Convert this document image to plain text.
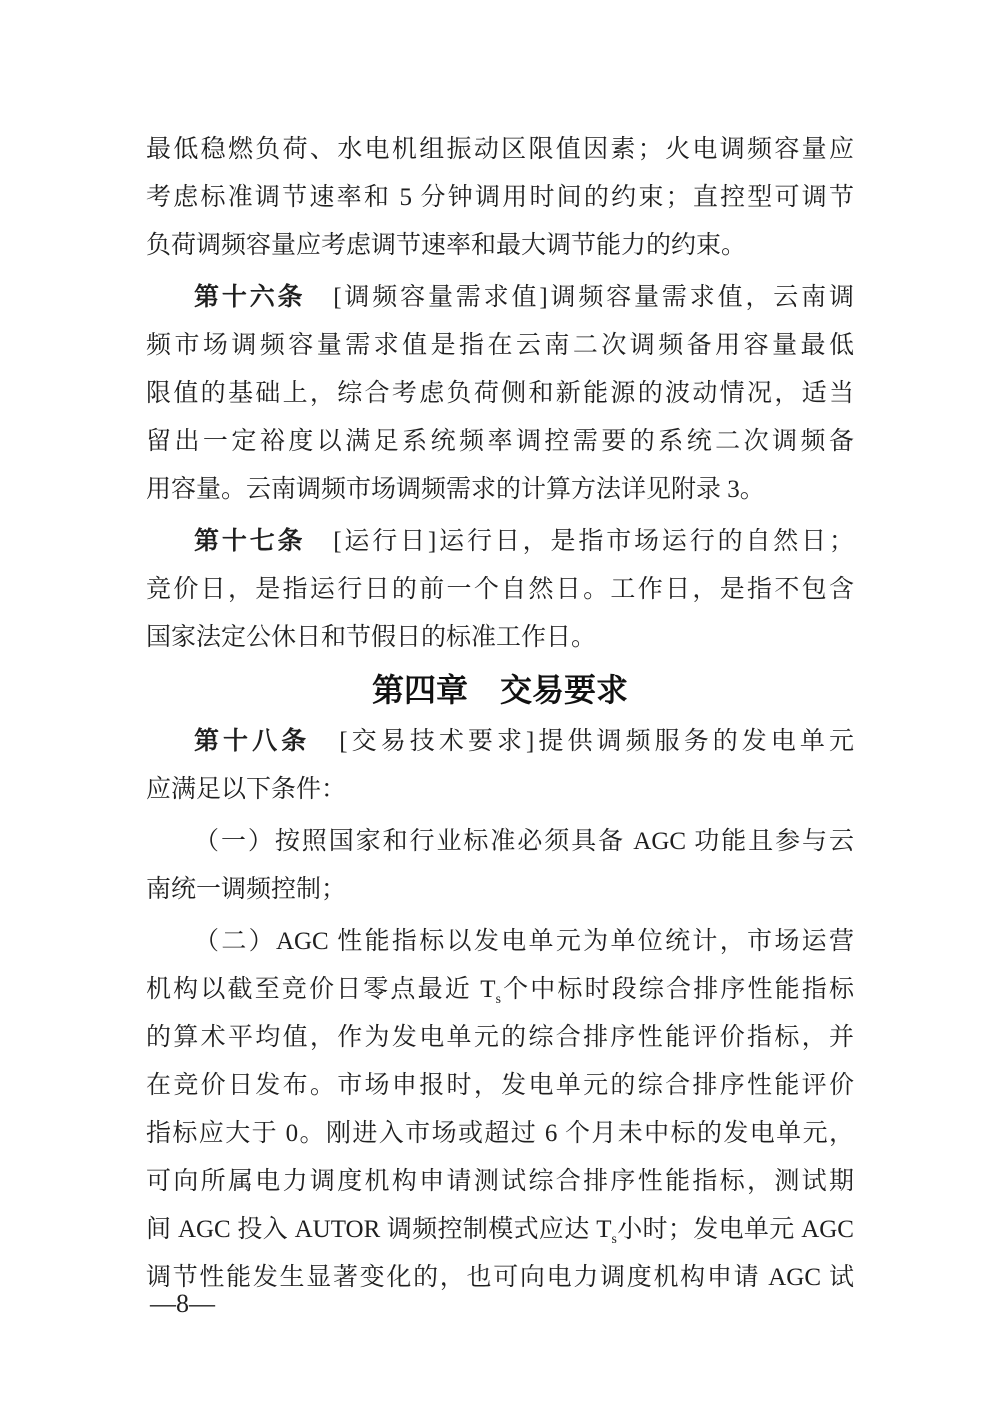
最低稳燃负荷、水电机组振动区限值因素；火电调频容量应
考虑标准调节速率和 5 分钟调用时间的约束；直控型可调节
负荷调频容量应考虑调节速率和最大调节能力的约束。
第十六条　[调频容量需求值]调频容量需求值，云南调
频市场调频容量需求值是指在云南二次调频备用容量最低
限值的基础上，综合考虑负荷侧和新能源的波动情况，适当
留出一定裕度以满足系统频率调控需要的系统二次调频备
用容量。云南调频市场调频需求的计算方法详见附录 3。
第十七条　[运行日]运行日，是指市场运行的自然日；
竞价日，是指运行日的前一个自然日。工作日，是指不包含
国家法定公休日和节假日的标准工作日。
第四章　交易要求
第十八条　[交易技术要求]提供调频服务的发电单元
应满足以下条件：
（一）按照国家和行业标准必须具备 AGC 功能且参与云
南统一调频控制；
（二）AGC 性能指标以发电单元为单位统计，市场运营
机构以截至竞价日零点最近 $T_s$个中标时段综合排序性能指标
的算术平均值，作为发电单元的综合排序性能评价指标，并
在竞价日发布。市场申报时，发电单元的综合排序性能评价
指标应大于 0。刚进入市场或超过 6 个月未中标的发电单元，
可向所属电力调度机构申请测试综合排序性能指标，测试期
间 AGC 投入 AUTOR 调频控制模式应达 $T_s$小时；发电单元 AGC
调节性能发生显著变化的，也可向电力调度机构申请 AGC 试
—8—
